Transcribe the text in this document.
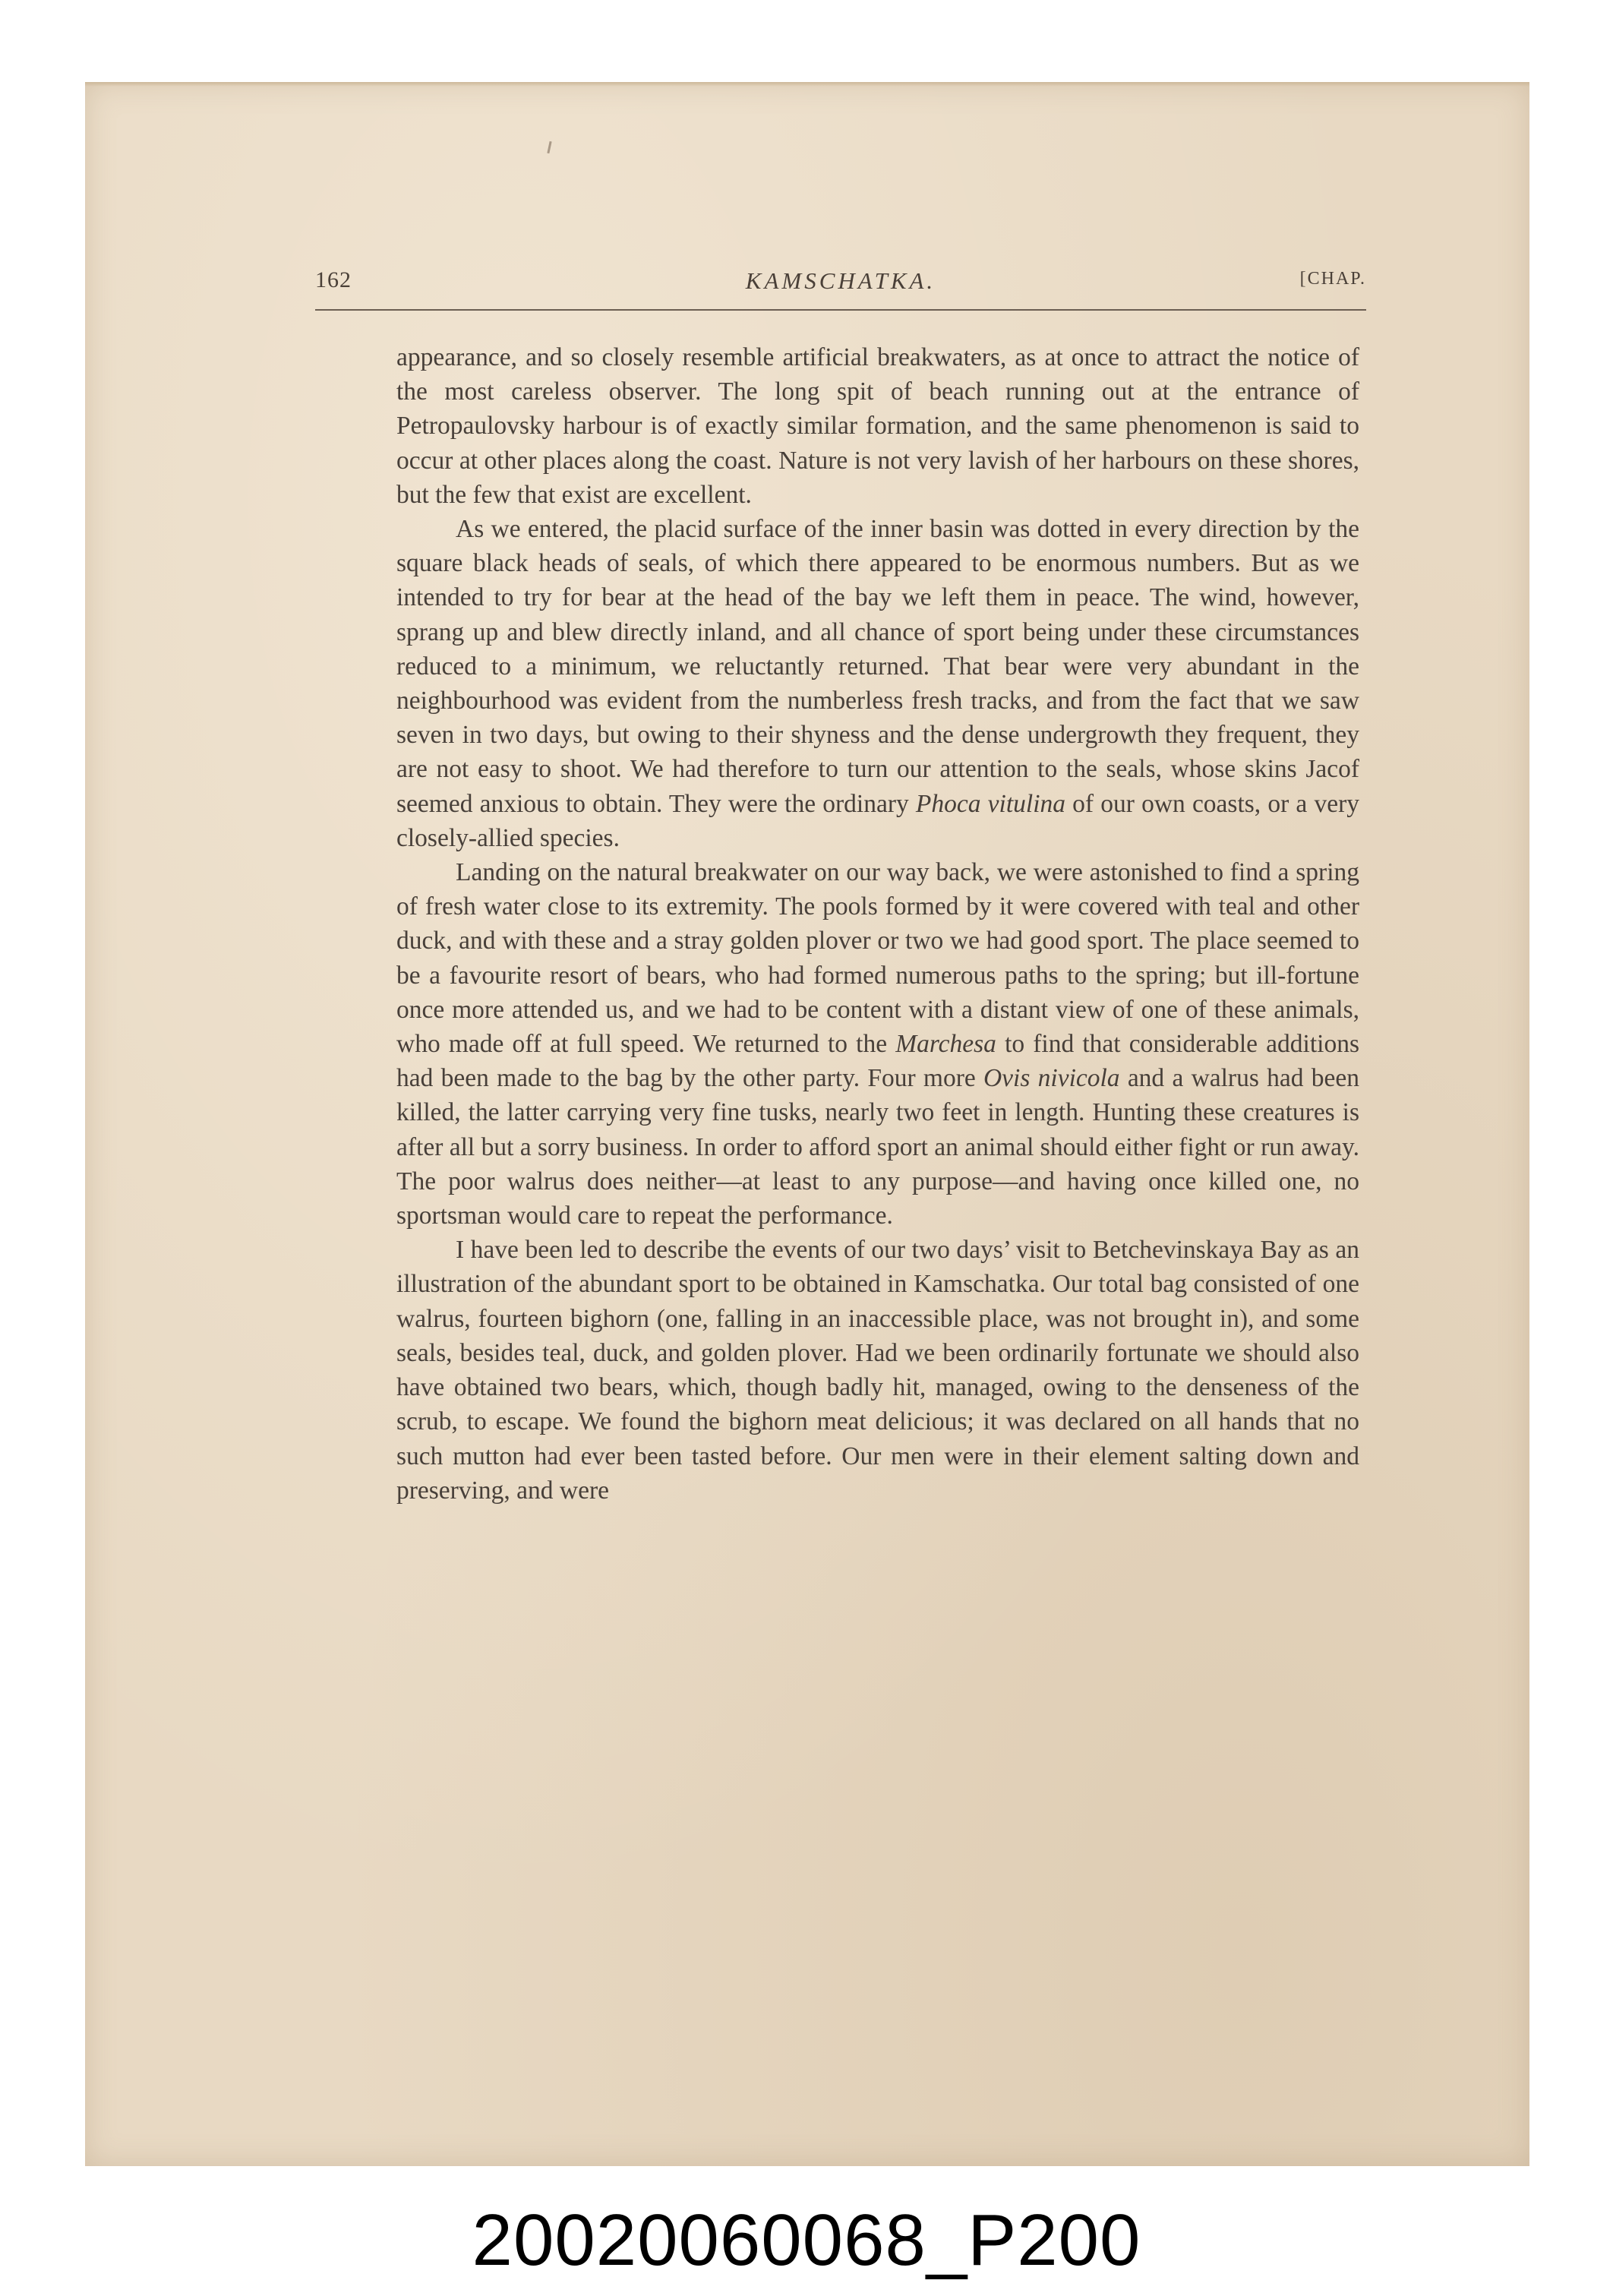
162	KAMSCHATKA.	[CHAP.

appearance, and so closely resemble artificial breakwaters, as at once to attract the notice of the most careless observer. The long spit of beach running out at the entrance of Petropaulovsky harbour is of exactly similar formation, and the same phenomenon is said to occur at other places along the coast. Nature is not very lavish of her harbours on these shores, but the few that exist are excellent.

As we entered, the placid surface of the inner basin was dotted in every direction by the square black heads of seals, of which there appeared to be enormous numbers. But as we intended to try for bear at the head of the bay we left them in peace. The wind, however, sprang up and blew directly inland, and all chance of sport being under these circumstances reduced to a minimum, we reluctantly returned. That bear were very abundant in the neighbourhood was evident from the numberless fresh tracks, and from the fact that we saw seven in two days, but owing to their shyness and the dense undergrowth they frequent, they are not easy to shoot. We had therefore to turn our attention to the seals, whose skins Jacof seemed anxious to obtain. They were the ordinary Phoca vitulina of our own coasts, or a very closely-allied species.

Landing on the natural breakwater on our way back, we were astonished to find a spring of fresh water close to its extremity. The pools formed by it were covered with teal and other duck, and with these and a stray golden plover or two we had good sport. The place seemed to be a favourite resort of bears, who had formed numerous paths to the spring; but ill-fortune once more attended us, and we had to be content with a distant view of one of these animals, who made off at full speed. We returned to the Marchesa to find that considerable additions had been made to the bag by the other party. Four more Ovis nivicola and a walrus had been killed, the latter carrying very fine tusks, nearly two feet in length. Hunting these creatures is after all but a sorry business. In order to afford sport an animal should either fight or run away. The poor walrus does neither—at least to any purpose—and having once killed one, no sportsman would care to repeat the performance.

I have been led to describe the events of our two days’ visit to Betchevinskaya Bay as an illustration of the abundant sport to be obtained in Kamschatka. Our total bag consisted of one walrus, fourteen bighorn (one, falling in an inaccessible place, was not brought in), and some seals, besides teal, duck, and golden plover. Had we been ordinarily fortunate we should also have obtained two bears, which, though badly hit, managed, owing to the denseness of the scrub, to escape. We found the bighorn meat delicious; it was declared on all hands that no such mutton had ever been tasted before. Our men were in their element salting down and preserving, and were

20020060068_P200
